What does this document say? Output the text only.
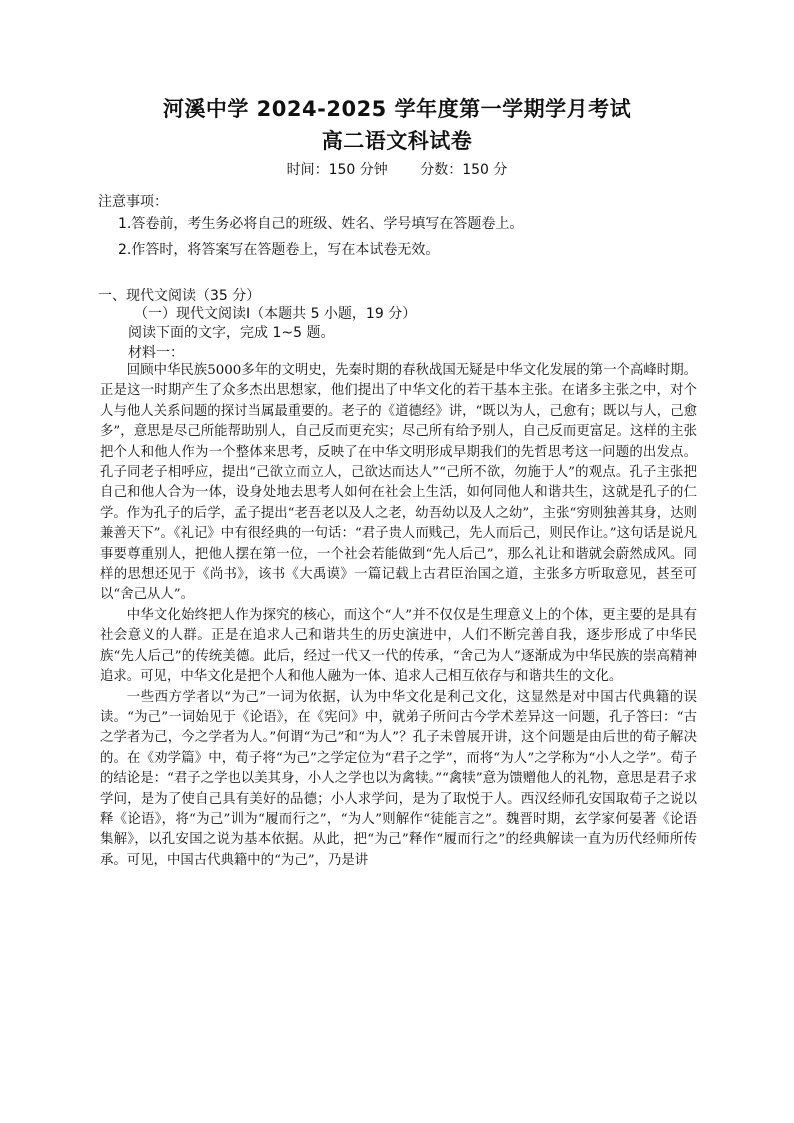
河溪中学 2024-2025 学年度第一学期学月考试
高二语文科试卷
时间：150 分钟 分数：150 分
注意事项：
1.答卷前，考生务必将自己的班级、姓名、学号填写在答题卷上。
2.作答时，将答案写在答题卷上，写在本试卷无效。
一、现代文阅读（35 分）
（一）现代文阅读Ⅰ（本题共 5 小题，19 分）
阅读下面的文字，完成 1~5 题。
材料一：

回顾中华民族5000多年的文明史，先秦时期的春秋战国无疑是中华文化发展的第一个高峰时期。正是这一时期产生了众多杰出思想家，他们提出了中华文化的若干基本主张。在诸多主张之中，对个人与他人关系问题的探讨当属最重要的。老子的《道德经》讲，“既以为人，己愈有；既以与人，己愈多”，意思是尽己所能帮助别人，自己反而更充实；尽己所有给予别人，自己反而更富足。这样的主张把个人和他人作为一个整体来思考，反映了在中华文明形成早期我们的先哲思考这一问题的出发点。孔子同老子相呼应，提出“己欲立而立人，己欲达而达人”“己所不欲，勿施于人”的观点。孔子主张把自己和他人合为一体，设身处地去思考人如何在社会上生活，如何同他人和谐共生，这就是孔子的仁学。作为孔子的后学，孟子提出“老吾老以及人之老，幼吾幼以及人之幼”，主张“穷则独善其身，达则兼善天下”。《礼记》中有很经典的一句话：“君子贵人而贱己，先人而后己，则民作让。”这句话是说凡事要尊重别人，把他人摆在第一位，一个社会若能做到“先人后己”，那么礼让和谐就会蔚然成风。同样的思想还见于《尚书》，该书《大禹谟》一篇记载上古君臣治国之道，主张多方听取意见，甚至可以“舍己从人”。

中华文化始终把人作为探究的核心，而这个“人”并不仅仅是生理意义上的个体，更主要的是具有社会意义的人群。正是在追求人己和谐共生的历史演进中，人们不断完善自我，逐步形成了中华民族“先人后己”的传统美德。此后，经过一代又一代的传承，“舍己为人”逐渐成为中华民族的崇高精神追求。可见，中华文化是把个人和他人融为一体、追求人己相互依存与和谐共生的文化。

一些西方学者以“为己”一词为依据，认为中华文化是利己文化，这显然是对中国古代典籍的误读。“为己”一词始见于《论语》，在《宪问》中，就弟子所问古今学术差异这一问题，孔子答曰：“古之学者为己，今之学者为人。”何谓“为己”和“为人”？孔子未曾展开讲，这个问题是由后世的荀子解决的。在《劝学篇》中，荀子将“为己”之学定位为“君子之学”，而将“为人”之学称为“小人之学”。荀子的结论是：“君子之学也以美其身，小人之学也以为禽犊。”“禽犊”意为馈赠他人的礼物，意思是君子求学问，是为了使自己具有美好的品德；小人求学问，是为了取悦于人。西汉经师孔安国取荀子之说以释《论语》，将“为己”训为“履而行之”，“为人”则解作“徒能言之”。魏晋时期，玄学家何晏著《论语集解》，以孔安国之说为基本依据。从此，把“为己”释作“履而行之”的经典解读一直为历代经师所传承。可见，中国古代典籍中的“为己”，乃是讲
